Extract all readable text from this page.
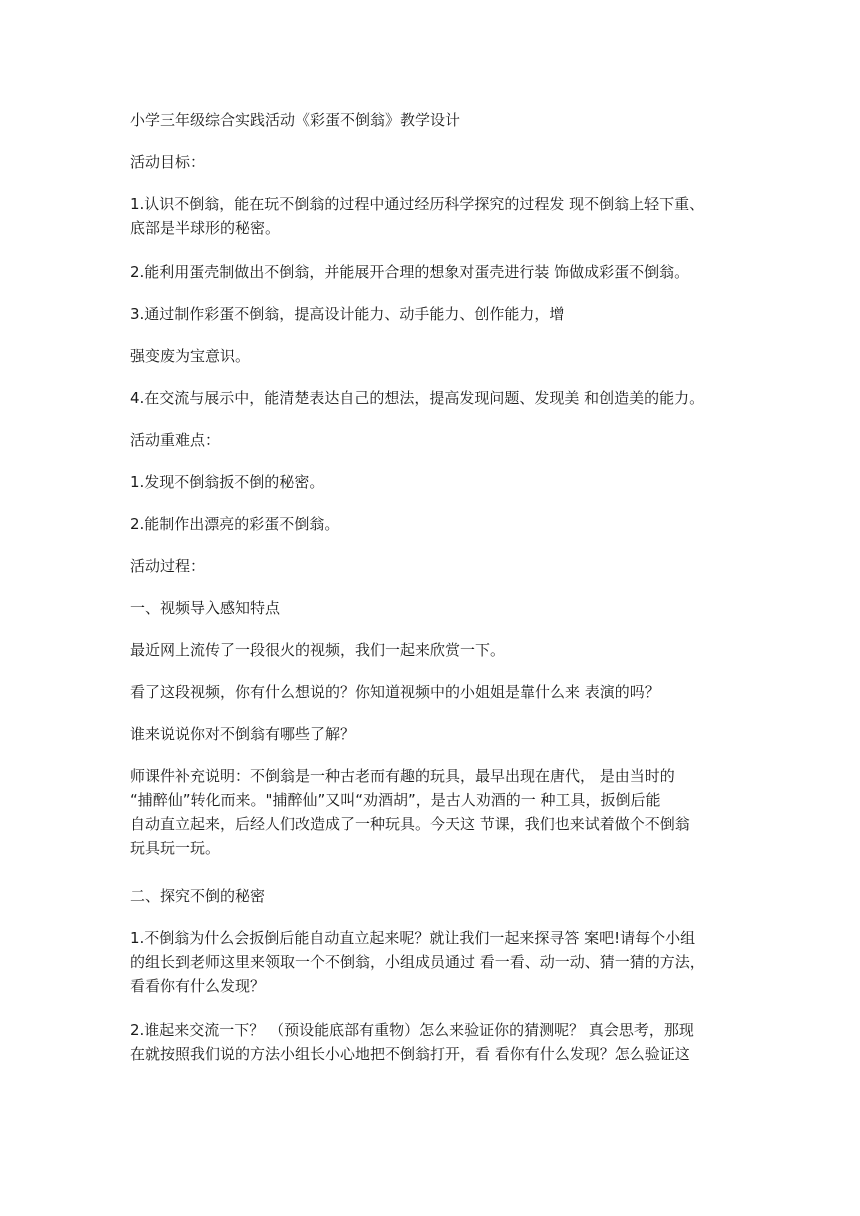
小学三年级综合实践活动《彩蛋不倒翁》教学设计

活动目标：

1.认识不倒翁，能在玩不倒翁的过程中通过经历科学探究的过程发 现不倒翁上轻下重、
底部是半球形的秘密。

2.能利用蛋壳制做出不倒翁，并能展开合理的想象对蛋壳进行装 饰做成彩蛋不倒翁。

3.通过制作彩蛋不倒翁，提高设计能力、动手能力、创作能力，增

强变废为宝意识。

4.在交流与展示中，能清楚表达自己的想法，提高发现问题、发现美 和创造美的能力。

活动重难点：

1.发现不倒翁扳不倒的秘密。

2.能制作出漂亮的彩蛋不倒翁。

活动过程：

一、视频导入感知特点

最近网上流传了一段很火的视频，我们一起来欣赏一下。

看了这段视频，你有什么想说的？你知道视频中的小姐姐是靠什么来 表演的吗？

谁来说说你对不倒翁有哪些了解？

师课件补充说明：不倒翁是一种古老而有趣的玩具，最早出现在唐代， 是由当时的
“捕醉仙”转化而来。"捕醉仙”又叫“劝酒胡”，是古人劝酒的一 种工具，扳倒后能
自动直立起来，后经人们改造成了一种玩具。今天这 节课，我们也来试着做个不倒翁
玩具玩一玩。

二、探究不倒的秘密

1.不倒翁为什么会扳倒后能自动直立起来呢？就让我们一起来探寻答 案吧!请每个小组
的组长到老师这里来领取一个不倒翁，小组成员通过 看一看、动一动、猜一猜的方法，
看看你有什么发现？

2.谁起来交流一下？ （预设能底部有重物）怎么来验证你的猜测呢？ 真会思考，那现
在就按照我们说的方法小组长小心地把不倒翁打开，看 看你有什么发现？怎么验证这
